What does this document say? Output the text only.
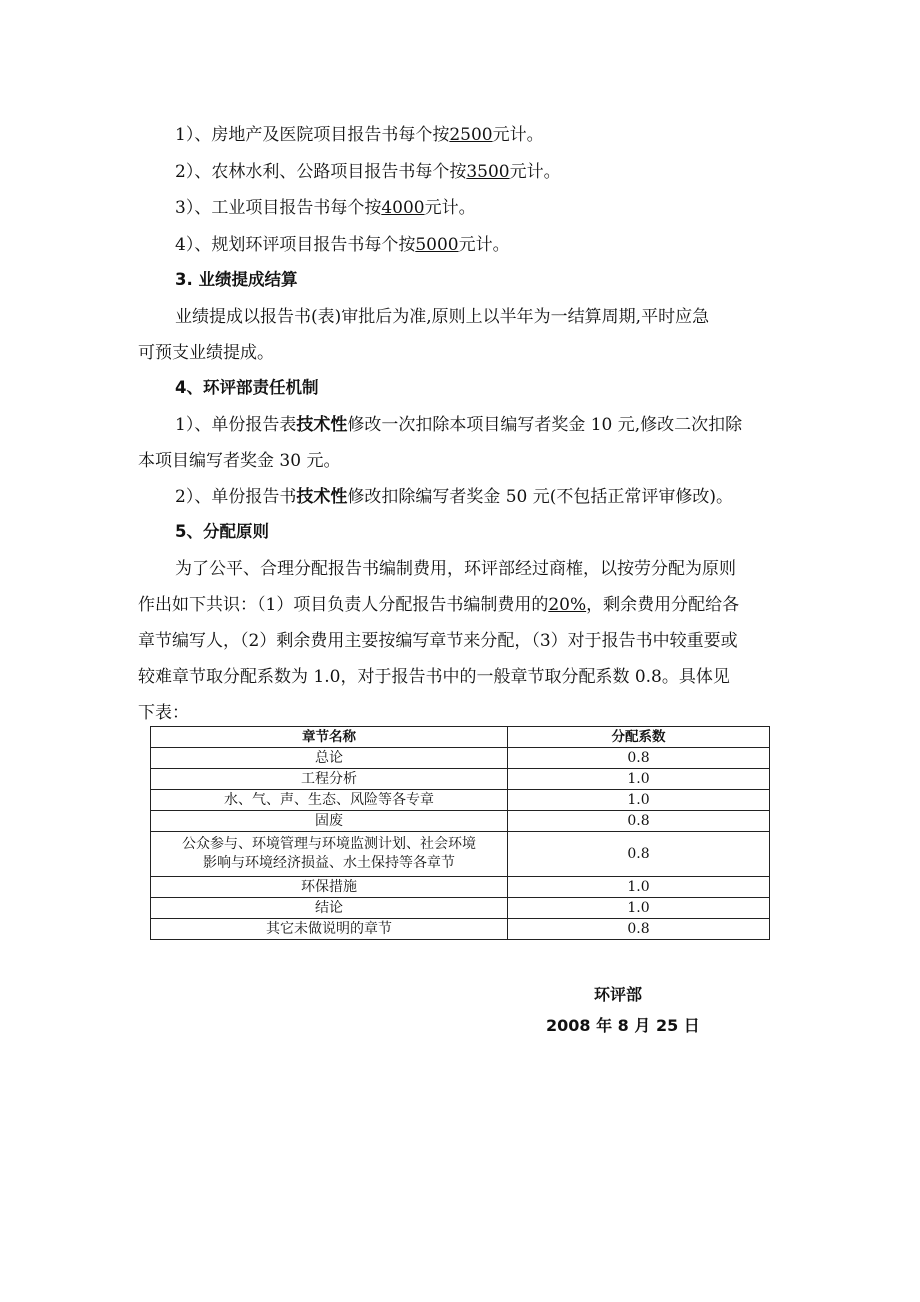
1）、房地产及医院项目报告书每个按2500元计。
2）、农林水利、公路项目报告书每个按3500元计。
3）、工业项目报告书每个按4000元计。
4）、规划环评项目报告书每个按5000元计。
3. 业绩提成结算
业绩提成以报告书(表)审批后为准,原则上以半年为一结算周期,平时应急
可预支业绩提成。
4、环评部责任机制
1）、单份报告表技术性修改一次扣除本项目编写者奖金 10 元,修改二次扣除
本项目编写者奖金 30 元。
2）、单份报告书技术性修改扣除编写者奖金 50 元(不包括正常评审修改)。
5、分配原则
为了公平、合理分配报告书编制费用，环评部经过商榷，以按劳分配为原则
作出如下共识：（1）项目负责人分配报告书编制费用的20%，剩余费用分配给各
章节编写人，（2）剩余费用主要按编写章节来分配，（3）对于报告书中较重要或
较难章节取分配系数为 1.0，对于报告书中的一般章节取分配系数 0.8。具体见
下表：
章节名称	分配系数
总论	0.8
工程分析	1.0
水、气、声、生态、风险等各专章	1.0
固废	0.8

公众参与、环境管理与环境监测计划、社会环境
影响与环境经济损益、水土保持等各章节	0.8
环保措施	1.0
结论	1.0
其它未做说明的章节	0.8
环评部
2008 年 8 月 25 日
